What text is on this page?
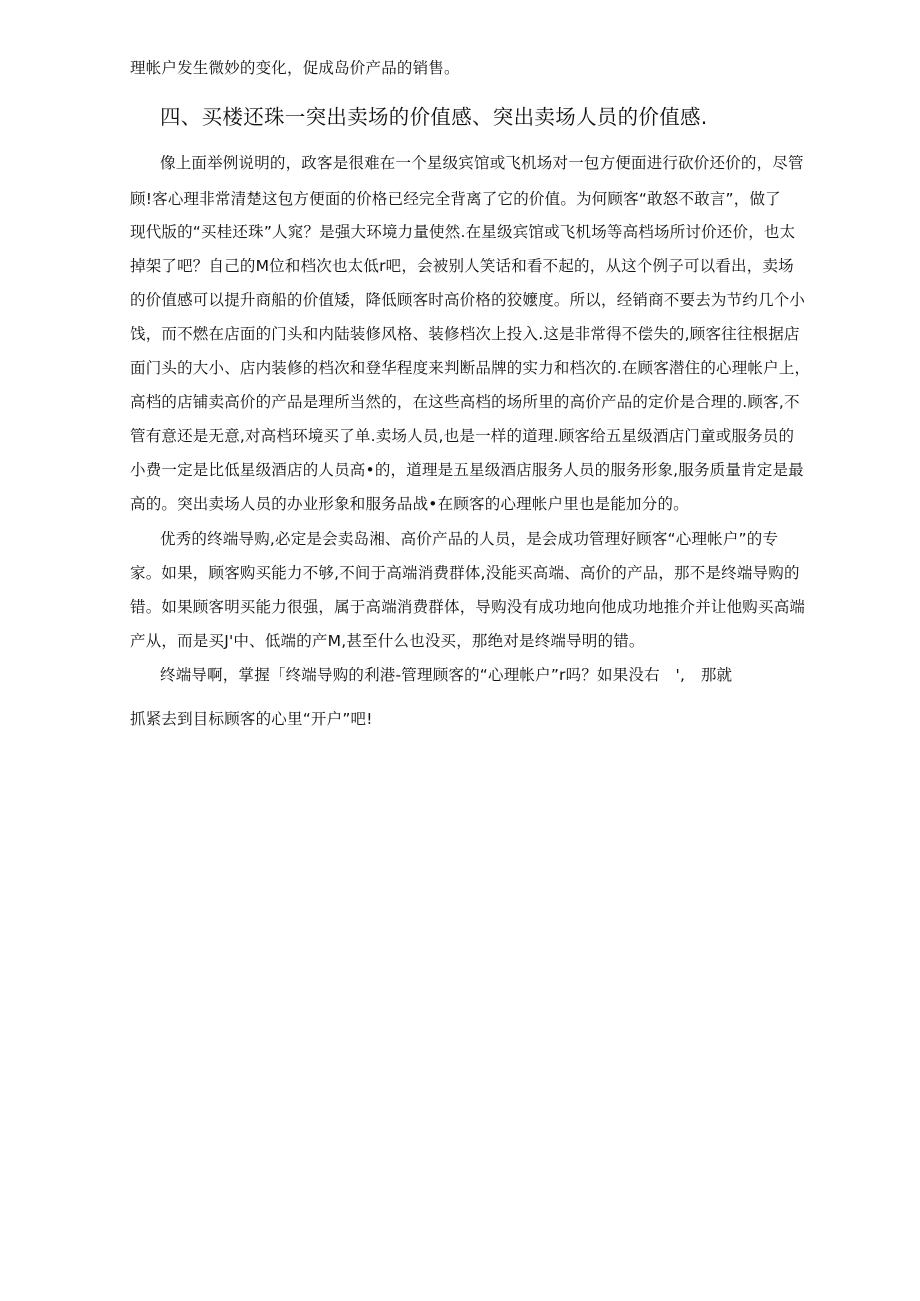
理帐户发生微妙的变化，促成岛价产品的销售。
四、买楼还珠一突出卖场的价值感、突出卖场人员的价值感.
像上面举例说明的，政客是很难在一个星级宾馆或飞机场对一包方便面进行砍价还价的，尽管
顾!客心理非常清楚这包方便面的价格已经完全背离了它的价值。为何顾客“敢怒不敢言”，做了
现代版的“买桂还珠”人窕？是强大环境力量使然.在星级宾馆或飞机场等高档场所讨价还价，也太
掉架了吧？自己的M位和档次也太低r吧，会被别人笑话和看不起的，从这个例子可以看出，卖场
的价值感可以提升商船的价值矮，降低顾客时高价格的狡嬤度。所以，经销商不要去为节约几个小
饯，而不燃在店面的门头和内陆装修风格、装修档次上投入.这是非常得不偿失的,顾客往往根据店
面门头的大小、店内装修的档次和登华程度来判断品牌的实力和档次的.在顾客潜住的心理帐户上，
高档的店铺卖高价的产品是理所当然的，在这些高档的场所里的高价产品的定价是合理的.顾客,不
管有意还是无意,对高档环境买了单.卖场人员,也是一样的道理.顾客给五星级酒店门童或服务员的
小费一定是比低星级酒店的人员高•的，道理是五星级酒店服务人员的服务形象,服务质量肯定是最
高的。突出卖场人员的办业形象和服务品战•在顾客的心理帐户里也是能加分的。
优秀的终端导购,必定是会卖岛湘、高价产品的人员，是会成功管理好顾客“心理帐户”的专
家。如果，顾客购买能力不够,不间于高端消费群体,没能买高端、高价的产品，那不是终端导购的
错。如果顾客明买能力很强，属于高端消费群体，导购没有成功地向他成功地推介并让他购买高端
产从，而是买J'中、低端的产M,甚至什么也没买，那绝对是终端导明的错。
终端导啊，掌握「终端导购的利港-管理顾客的“心理帐户”r吗？如果没右　',　那就
抓紧去到目标顾客的心里“开户”吧!
